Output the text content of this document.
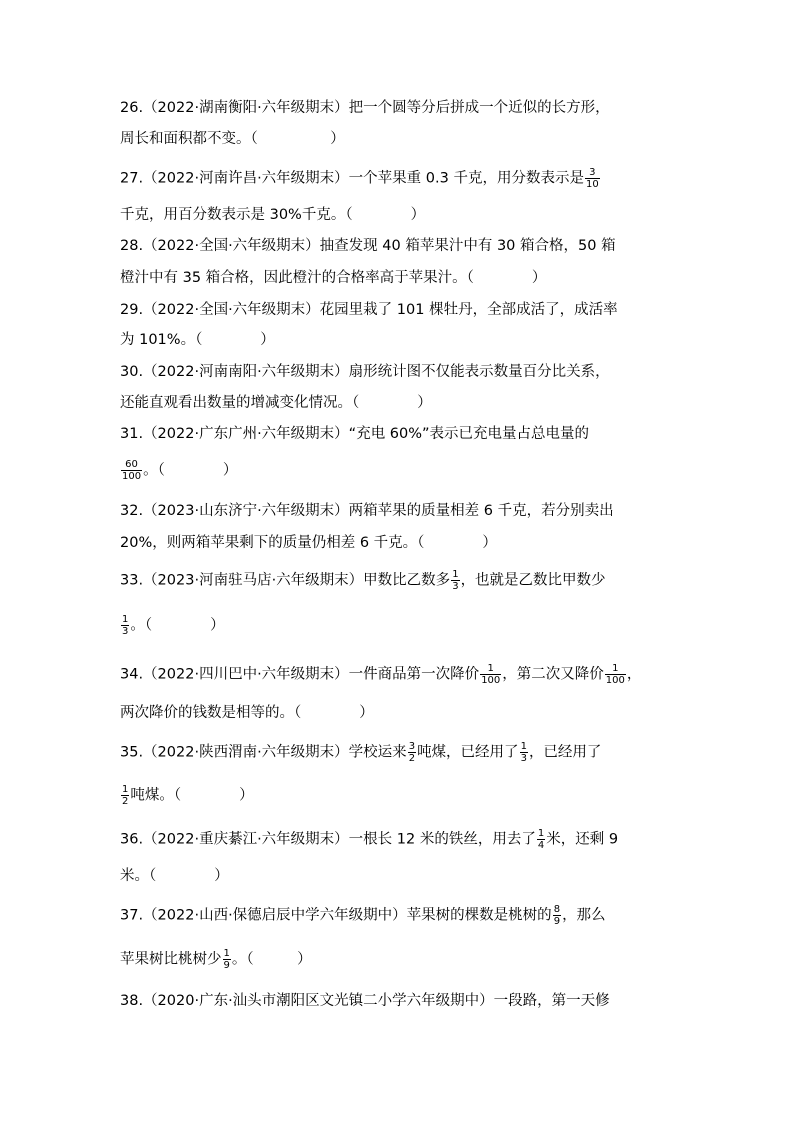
26.（2022·湖南衡阳·六年级期末）把一个圆等分后拼成一个近似的长方形，
周长和面积都不变。（　　　　　）
27.（2022·河南许昌·六年级期末）一个苹果重 0.3 千克，用分数表示是 $\frac{3}{10}$
千克，用百分数表示是 30%千克。（　　　　）
28.（2022·全国·六年级期末）抽查发现 40 箱苹果汁中有 30 箱合格，50 箱
橙汁中有 35 箱合格，因此橙汁的合格率高于苹果汁。（　　　　）
29.（2022·全国·六年级期末）花园里栽了 101 棵牡丹，全部成活了，成活率
为 101%。（　　　　）
30.（2022·河南南阳·六年级期末）扇形统计图不仅能表示数量百分比关系，
还能直观看出数量的增减变化情况。（　　　　）
31.（2022·广东广州·六年级期末）“充电 60%”表示已充电量占总电量的
$\frac{60}{100}$ 。（　　　　）
32.（2023·山东济宁·六年级期末）两箱苹果的质量相差 6 千克，若分别卖出
20%，则两箱苹果剩下的质量仍相差 6 千克。（　　　　）
33.（2023·河南驻马店·六年级期末）甲数比乙数多 $\frac{1}{3}$ ，也就是乙数比甲数少
$\frac{1}{3}$ 。（　　　　）
34.（2022·四川巴中·六年级期末）一件商品第一次降价 $\frac{1}{100}$ ，第二次又降价 $\frac{1}{100}$ ，
两次降价的钱数是相等的。（　　　　）
35.（2022·陕西渭南·六年级期末）学校运来 $\frac{3}{2}$ 吨煤，已经用了 $\frac{1}{3}$ ，已经用了
$\frac{1}{2}$ 吨煤。（　　　　）
36.（2022·重庆綦江·六年级期末）一根长 12 米的铁丝，用去了 $\frac{1}{4}$ 米，还剩 9
米。（　　　　）
37.（2022·山西·保德启辰中学六年级期中）苹果树的棵数是桃树的 $\frac{8}{9}$ ，那么
苹果树比桃树少 $\frac{1}{9}$ 。（　　　）
38.（2020·广东·汕头市潮阳区文光镇二小学六年级期中）一段路，第一天修
